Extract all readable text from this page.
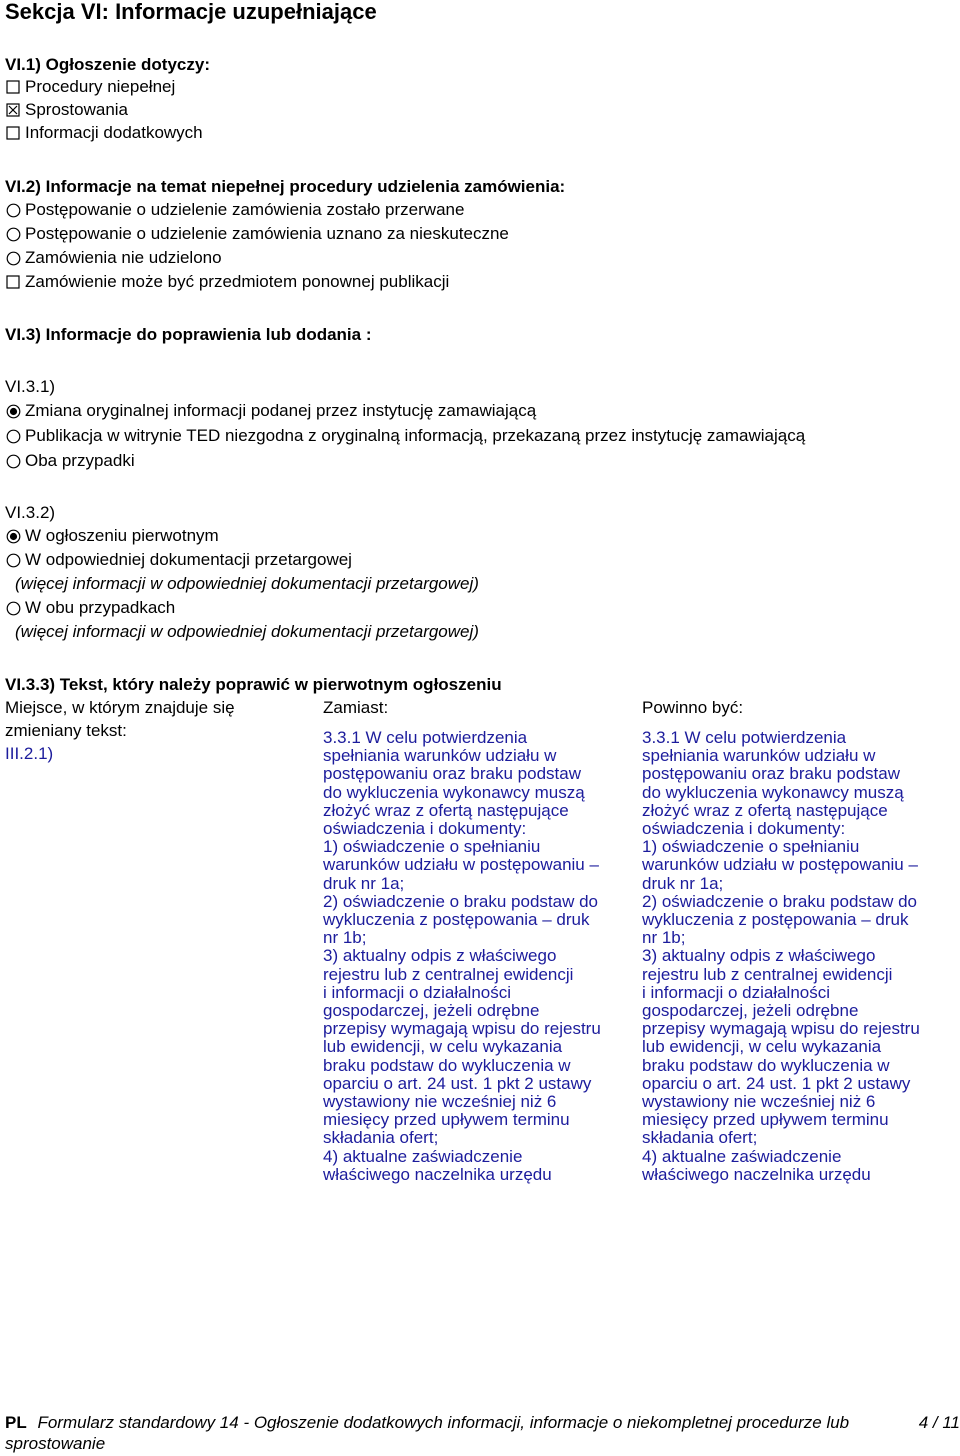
Sekcja VI: Informacje uzupełniające
VI.1) Ogłoszenie dotyczy:
Procedury niepełnej
Sprostowania
Informacji dodatkowych
VI.2) Informacje na temat niepełnej procedury udzielenia zamówienia:
Postępowanie o udzielenie zamówienia zostało przerwane
Postępowanie o udzielenie zamówienia uznano za nieskuteczne
Zamówienia nie udzielono
Zamówienie może być przedmiotem ponownej publikacji
VI.3) Informacje do poprawienia lub dodania :
VI.3.1)
Zmiana oryginalnej informacji podanej przez instytucję zamawiającą
Publikacja w witrynie TED niezgodna z oryginalną informacją, przekazaną przez instytucję zamawiającą
Oba przypadki
VI.3.2)
W ogłoszeniu pierwotnym
W odpowiedniej dokumentacji przetargowej
(więcej informacji w odpowiedniej dokumentacji przetargowej)
W obu przypadkach
(więcej informacji w odpowiedniej dokumentacji przetargowej)
VI.3.3) Tekst, który należy poprawić w pierwotnym ogłoszeniu
Miejsce, w którym znajduje się
zmieniany tekst:
III.2.1)
Zamiast:	Powinno być:
3.3.1 W celu potwierdzenia
spełniania warunków udziału w
postępowaniu oraz braku podstaw
do wykluczenia wykonawcy muszą
złożyć wraz z ofertą następujące
oświadczenia i dokumenty:
1) oświadczenie o spełnianiu
warunków udziału w postępowaniu –
druk nr 1a;
2) oświadczenie o braku podstaw do
wykluczenia z postępowania – druk
nr 1b;
3) aktualny odpis z właściwego
rejestru lub z centralnej ewidencji
i informacji o działalności
gospodarczej, jeżeli odrębne
przepisy wymagają wpisu do rejestru
lub ewidencji, w celu wykazania
braku podstaw do wykluczenia w
oparciu o art. 24 ust. 1 pkt 2 ustawy
wystawiony nie wcześniej niż 6
miesięcy przed upływem terminu
składania ofert;
4) aktualne zaświadczenie
właściwego naczelnika urzędu
3.3.1 W celu potwierdzenia
spełniania warunków udziału w
postępowaniu oraz braku podstaw
do wykluczenia wykonawcy muszą
złożyć wraz z ofertą następujące
oświadczenia i dokumenty:
1) oświadczenie o spełnianiu
warunków udziału w postępowaniu –
druk nr 1a;
2) oświadczenie o braku podstaw do
wykluczenia z postępowania – druk
nr 1b;
3) aktualny odpis z właściwego
rejestru lub z centralnej ewidencji
i informacji o działalności
gospodarczej, jeżeli odrębne
przepisy wymagają wpisu do rejestru
lub ewidencji, w celu wykazania
braku podstaw do wykluczenia w
oparciu o art. 24 ust. 1 pkt 2 ustawy
wystawiony nie wcześniej niż 6
miesięcy przed upływem terminu
składania ofert;
4) aktualne zaświadczenie
właściwego naczelnika urzędu
PL Formularz standardowy 14 - Ogłoszenie dodatkowych informacji, informacje o niekompletnej procedurze lub
sprostowanie
4 / 11
